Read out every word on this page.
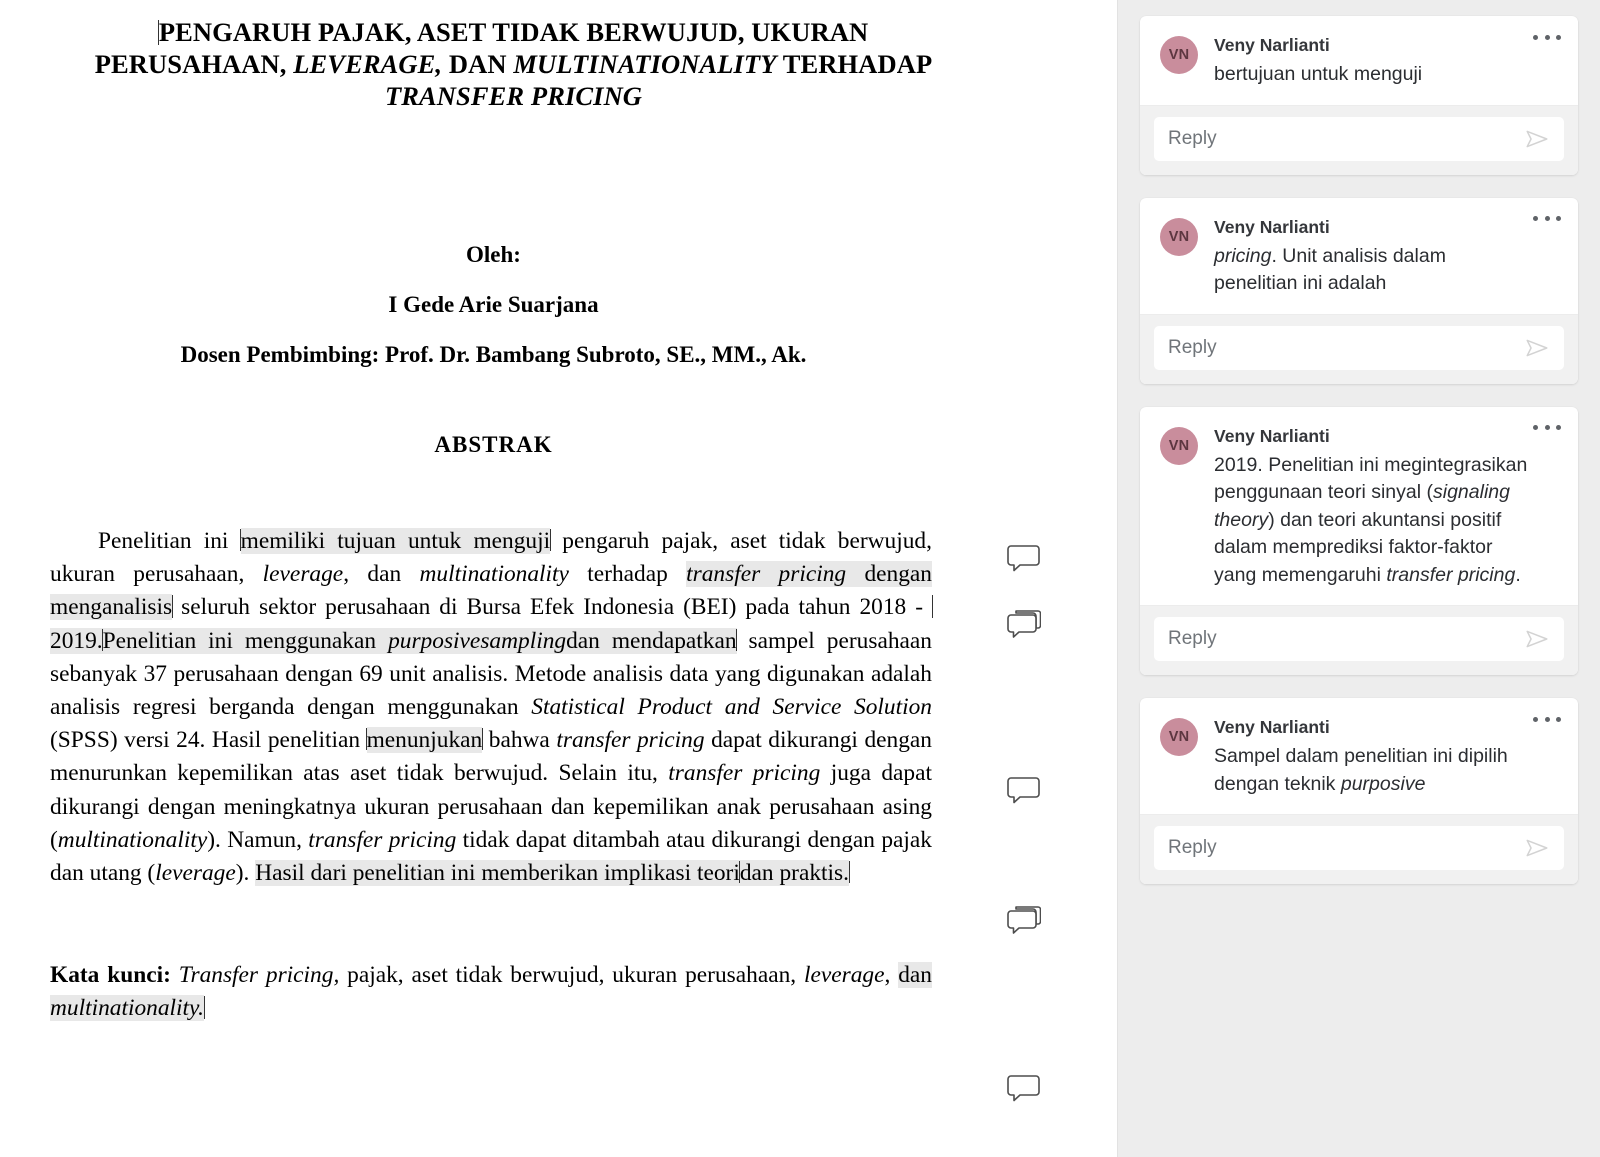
PENGARUH PAJAK, ASET TIDAK BERWUJUD, UKURAN PERUSAHAAN, LEVERAGE, DAN MULTINATIONALITY TERHADAP TRANSFER PRICING
Oleh:
I Gede Arie Suarjana
Dosen Pembimbing: Prof. Dr. Bambang Subroto, SE., MM., Ak.
ABSTRAK

Penelitian ini memiliki tujuan untuk menguji pengaruh pajak, aset tidak berwujud, ukuran perusahaan, leverage, dan multinationality terhadap transfer pricing dengan menganalisis seluruh sektor perusahaan di Bursa Efek Indonesia (BEI) pada tahun 2018 - 2019.Penelitian ini menggunakan purposivesamplingdan mendapatkan sampel perusahaan sebanyak 37 perusahaan dengan 69 unit analisis. Metode analisis data yang digunakan adalah analisis regresi berganda dengan menggunakan Statistical Product and Service Solution (SPSS) versi 24. Hasil penelitian menunjukan bahwa transfer pricing dapat dikurangi dengan menurunkan kepemilikan atas aset tidak berwujud. Selain itu, transfer pricing juga dapat dikurangi dengan meningkatnya ukuran perusahaan dan kepemilikan anak perusahaan asing (multinationality). Namun, transfer pricing tidak dapat ditambah atau dikurangi dengan pajak dan utang (leverage). Hasil dari penelitian ini memberikan implikasi teoridan praktis.

Kata kunci: Transfer pricing, pajak, aset tidak berwujud, ukuran perusahaan, leverage, dan multinationality.
VN	Veny Narlianti
bertujuan untuk menguji
Reply
VN	Veny Narlianti
pricing. Unit analisis dalam penelitian ini adalah
Reply
VN	Veny Narlianti
2019. Penelitian ini megintegrasikan penggunaan teori sinyal (signaling theory) dan teori akuntansi positif dalam memprediksi faktor-faktor yang memengaruhi transfer pricing.
Reply
VN	Veny Narlianti
Sampel dalam penelitian ini dipilih dengan teknik purposive
Reply
